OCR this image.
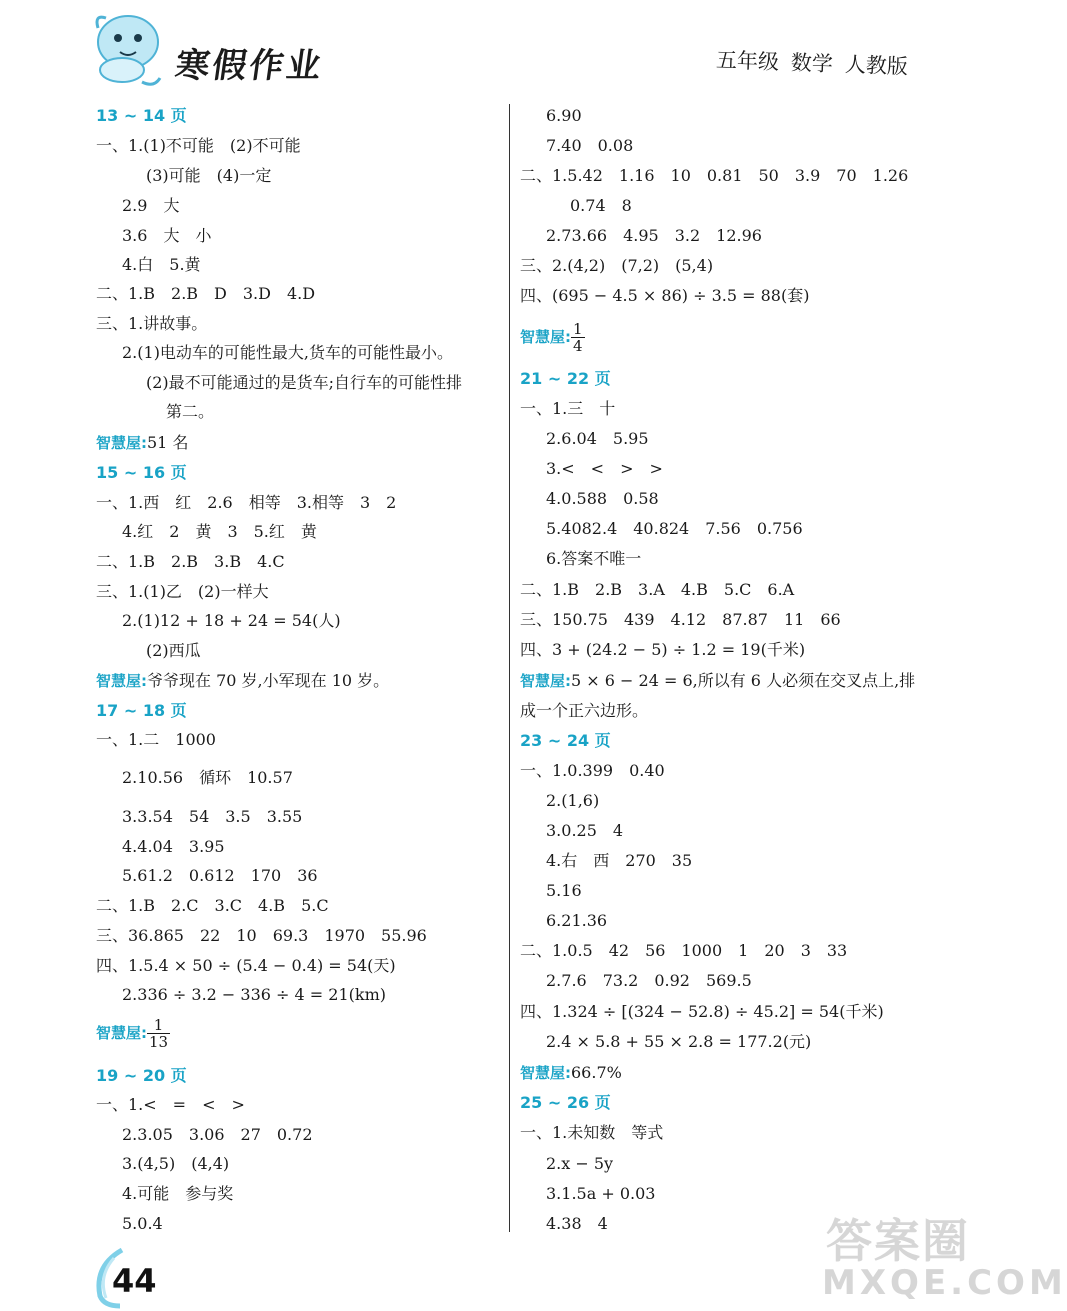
寒假作业	五年级 数学 人教版
13 ~ 14 页
一、1.(1)不可能　(2)不可能
(3)可能　(4)一定
2.9　大
3.6　大　小
4.白　5.黄
二、1.B　2.B　D　3.D　4.D
三、1.讲故事。
2.(1)电动车的可能性最大,货车的可能性最小。
(2)最不可能通过的是货车;自行车的可能性排
第二。
智慧屋:51 名
15 ~ 16 页
一、1.西　红　2.6　相等　3.相等　3　2
4.红　2　黄　3　5.红　黄
二、1.B　2.B　3.B　4.C
三、1.(1)乙　(2)一样大
2.(1)12 + 18 + 24 = 54(人)
(2)西瓜
智慧屋:爷爷现在 70 岁,小军现在 10 岁。
17 ~ 18 页
一、1.二　1000
2.10.56　循环　10.57
3.3.54　54　3.5　3.55
4.4.04　3.95
5.61.2　0.612　170　36
二、1.B　2.C　3.C　4.B　5.C
三、36.865　22　10　69.3　1970　55.96
四、1.5.4 × 50 ÷ (5.4 − 0.4) = 54(天)
2.336 ÷ 3.2 − 336 ÷ 4 = 21(km)
智慧屋: $\frac{1}{13}$
19 ~ 20 页
一、1.<　=　<　>
2.3.05　3.06　27　0.72
3.(4,5)　(4,4)
4.可能　参与奖
5.0.4
6.90
7.40　0.08
二、1.5.42　1.16　10　0.81　50　3.9　70　1.26
0.74　8
2.73.66　4.95　3.2　12.96
三、2.(4,2)　(7,2)　(5,4)
四、(695 − 4.5 × 86) ÷ 3.5 = 88(套)
智慧屋: $\frac{1}{4}$
21 ~ 22 页
一、1.三　十
2.6.04　5.95
3.<　<　>　>
4.0.588　0.58
5.4082.4　40.824　7.56　0.756
6.答案不唯一
二、1.B　2.B　3.A　4.B　5.C　6.A
三、150.75　439　4.12　87.87　11　66
四、3 + (24.2 − 5) ÷ 1.2 = 19(千米)
智慧屋:5 × 6 − 24 = 6,所以有 6 人必须在交叉点上,排
成一个正六边形。
23 ~ 24 页
一、1.0.399　0.40
2.(1,6)
3.0.25　4
4.右　西　270　35
5.16
6.21.36
二、1.0.5　42　56　1000　1　20　3　33
2.7.6　73.2　0.92　569.5
四、1.324 ÷ [(324 − 52.8) ÷ 45.2] = 54(千米)
2.4 × 5.8 + 55 × 2.8 = 177.2(元)
智慧屋:66.7%
25 ~ 26 页
一、1.未知数　等式
2.x − 5y
3.1.5a + 0.03
4.38　4
44
答案圈
MXQE.COM
